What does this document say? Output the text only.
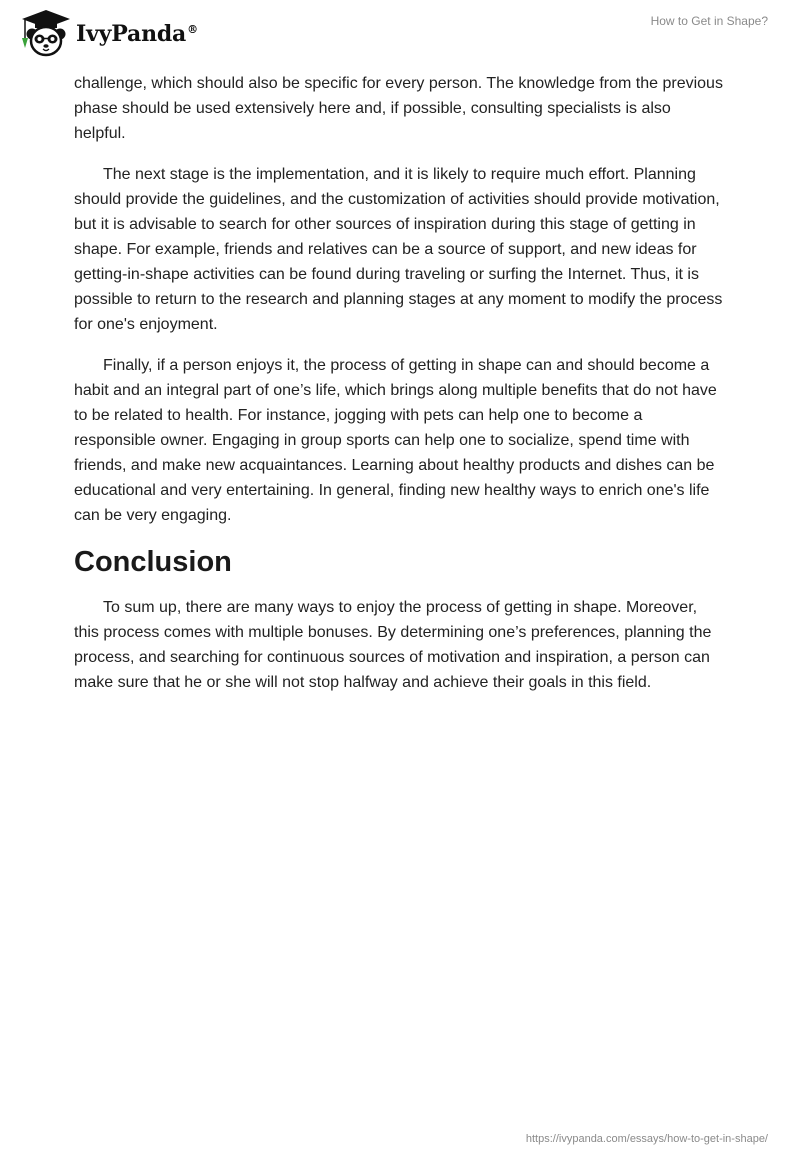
IvyPanda®
How to Get in Shape?

challenge, which should also be specific for every person. The knowledge from the previous phase should be used extensively here and, if possible, consulting specialists is also helpful.

The next stage is the implementation, and it is likely to require much effort. Planning should provide the guidelines, and the customization of activities should provide motivation, but it is advisable to search for other sources of inspiration during this stage of getting in shape. For example, friends and relatives can be a source of support, and new ideas for getting-in-shape activities can be found during traveling or surfing the Internet. Thus, it is possible to return to the research and planning stages at any moment to modify the process for one's enjoyment.

Finally, if a person enjoys it, the process of getting in shape can and should become a habit and an integral part of one’s life, which brings along multiple benefits that do not have to be related to health. For instance, jogging with pets can help one to become a responsible owner. Engaging in group sports can help one to socialize, spend time with friends, and make new acquaintances. Learning about healthy products and dishes can be educational and very entertaining. In general, finding new healthy ways to enrich one's life can be very engaging.

Conclusion

To sum up, there are many ways to enjoy the process of getting in shape. Moreover, this process comes with multiple bonuses. By determining one’s preferences, planning the process, and searching for continuous sources of motivation and inspiration, a person can make sure that he or she will not stop halfway and achieve their goals in this field.

https://ivypanda.com/essays/how-to-get-in-shape/
